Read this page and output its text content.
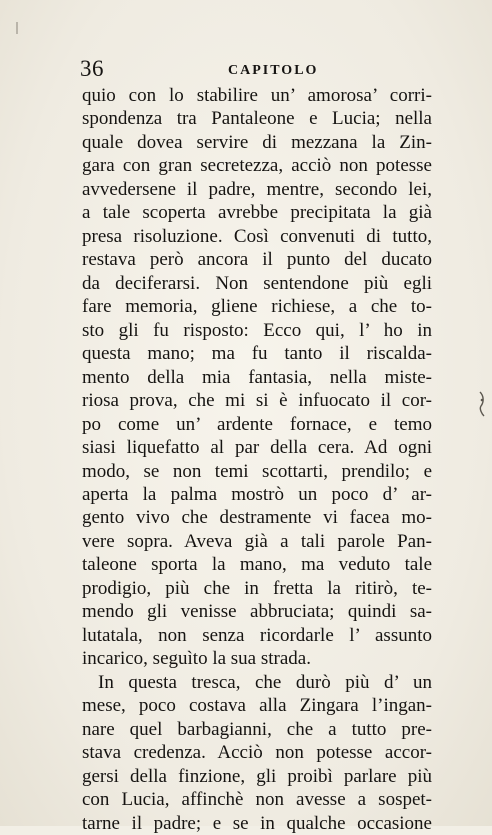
36	CAPITOLO
quio con lo stabilire un’ amorosa’ corri-
spondenza tra Pantaleone e Lucia; nella
quale dovea servire di mezzana la Zin-
gara con gran secretezza, acciò non potesse
avvedersene il padre, mentre, secondo lei,
a tale scoperta avrebbe precipitata la già
presa risoluzione. Così convenuti di tutto,
restava però ancora il punto del ducato
da deciferarsi. Non sentendone più egli
fare memoria, gliene richiese, a che to-
sto gli fu risposto: Ecco qui, l’ ho in
questa mano; ma fu tanto il riscalda-
mento della mia fantasia, nella miste-
riosa prova, che mi si è infuocato il cor-
po come un’ ardente fornace, e temo
siasi liquefatto al par della cera. Ad ogni
modo, se non temi scottarti, prendilo; e
aperta la palma mostrò un poco d’ ar-
gento vivo che destramente vi facea mo-
vere sopra. Aveva già a tali parole Pan-
taleone sporta la mano, ma veduto tale
prodigio, più che in fretta la ritirò, te-
mendo gli venisse abbruciata; quindi sa-
lutatala, non senza ricordarle l’ assunto
incarico, seguìto la sua strada.
In questa tresca, che durò più d’ un
mese, poco costava alla Zingara l’ingan-
nare quel barbagianni, che a tutto pre-
stava credenza. Acciò non potesse accor-
gersi della finzione, gli proibì parlare più
con Lucia, affinchè non avesse a sospet-
tarne il padre; e se in qualche occasione
